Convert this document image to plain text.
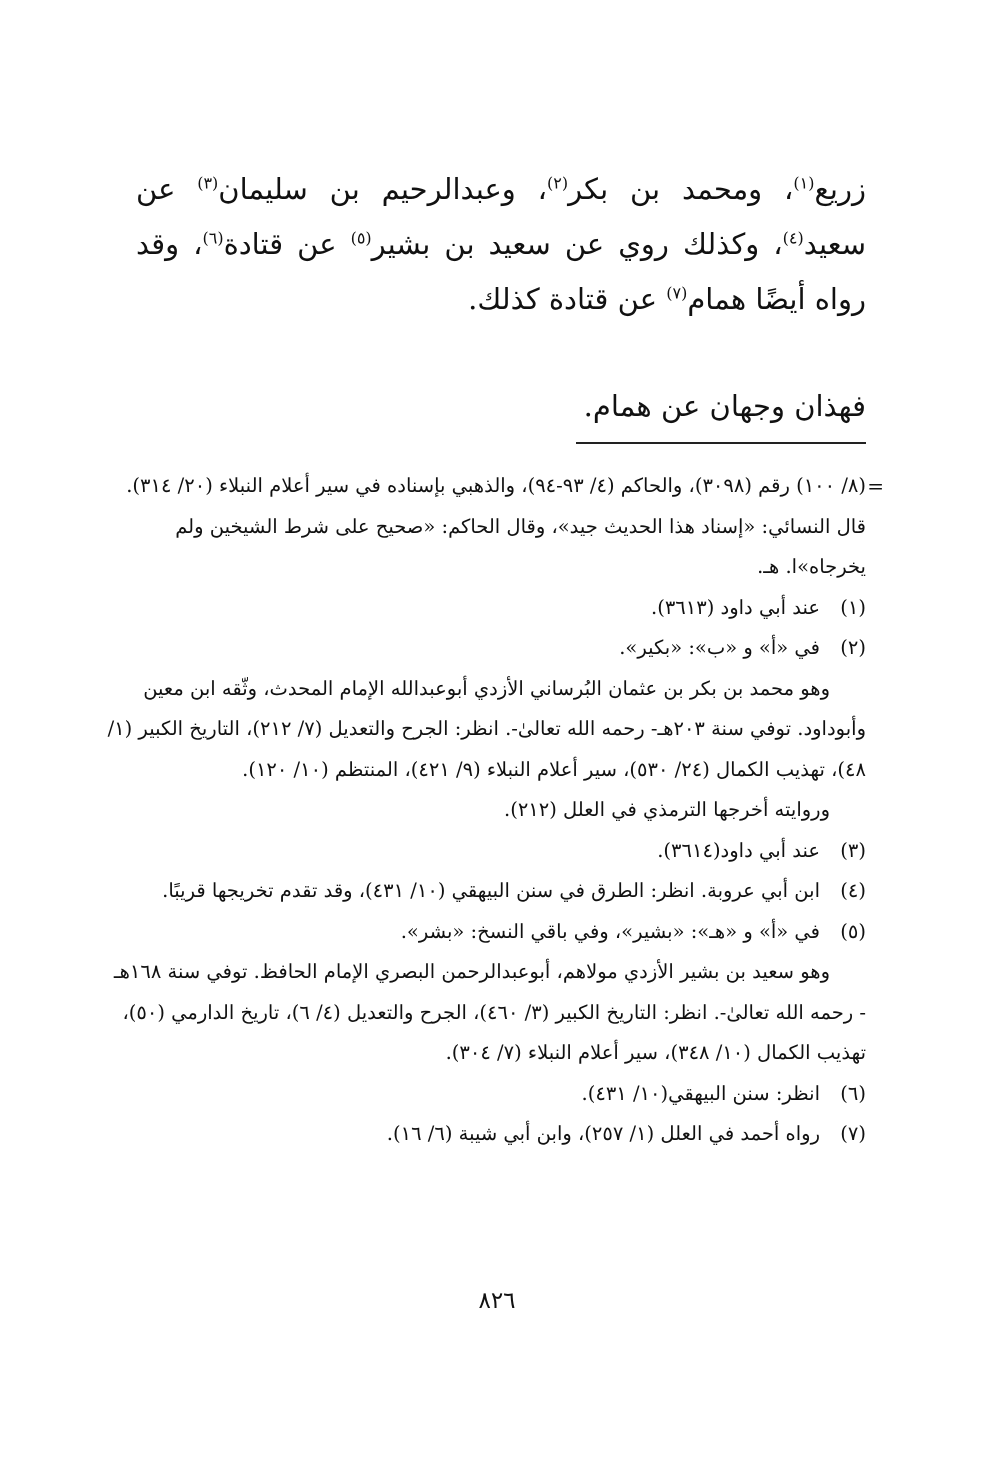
زريع$^{(١)}$، ومحمد بن بكر$^{(٢)}$، وعبدالرحيم بن سليمان$^{(٣)}$ عن سعيد$^{(٤)}$، وكذلك روي عن سعيد بن بشير$^{(٥)}$ عن قتادة$^{(٦)}$، وقد رواه أيضًا همام$^{(٧)}$ عن قتادة كذلك.

فهذان وجهان عن همام.

=

(٨/ ١٠٠) رقم (٣٠٩٨)، والحاكم (٤/ ٩٣-٩٤)، والذهبي بإسناده في سير أعلام النبلاء (٢٠/ ٣١٤). قال النسائي: «إسناد هذا الحديث جيد»، وقال الحاكم: «صحيح على شرط الشيخين ولم يخرجاه»ا. هـ.

(١)
عند أبي داود (٣٦١٣).

(٢)
في «أ» و «ب»: «بكير».

وهو محمد بن بكر بن عثمان البُرساني الأزدي أبوعبدالله الإمام المحدث، وثّقه ابن معين وأبوداود. توفي سنة ٢٠٣هـ- رحمه الله تعالىٰ-. انظر: الجرح والتعديل (٧/ ٢١٢)، التاريخ الكبير (١/ ٤٨)، تهذيب الكمال (٢٤/ ٥٣٠)، سير أعلام النبلاء (٩/ ٤٢١)، المنتظم (١٠/ ١٢٠).

وروايته أخرجها الترمذي في العلل (٢١٢).

(٣)
عند أبي داود(٣٦١٤).

(٤)
ابن أبي عروبة. انظر: الطرق في سنن البيهقي (١٠/ ٤٣١)، وقد تقدم تخريجها قريبًا.

(٥)
في «أ» و «هـ»: «بشير»، وفي باقي النسخ: «بشر».

وهو سعيد بن بشير الأزدي مولاهم، أبوعبدالرحمن البصري الإمام الحافظ. توفي سنة ١٦٨هـ - رحمه الله تعالىٰ-. انظر: التاريخ الكبير (٣/ ٤٦٠)، الجرح والتعديل (٤/ ٦)، تاريخ الدارمي (٥٠)، تهذيب الكمال (١٠/ ٣٤٨)، سير أعلام النبلاء (٧/ ٣٠٤).

(٦)
انظر: سنن البيهقي(١٠/ ٤٣١).

(٧)
رواه أحمد في العلل (١/ ٢٥٧)، وابن أبي شيبة (٦/ ١٦).

٨٢٦
